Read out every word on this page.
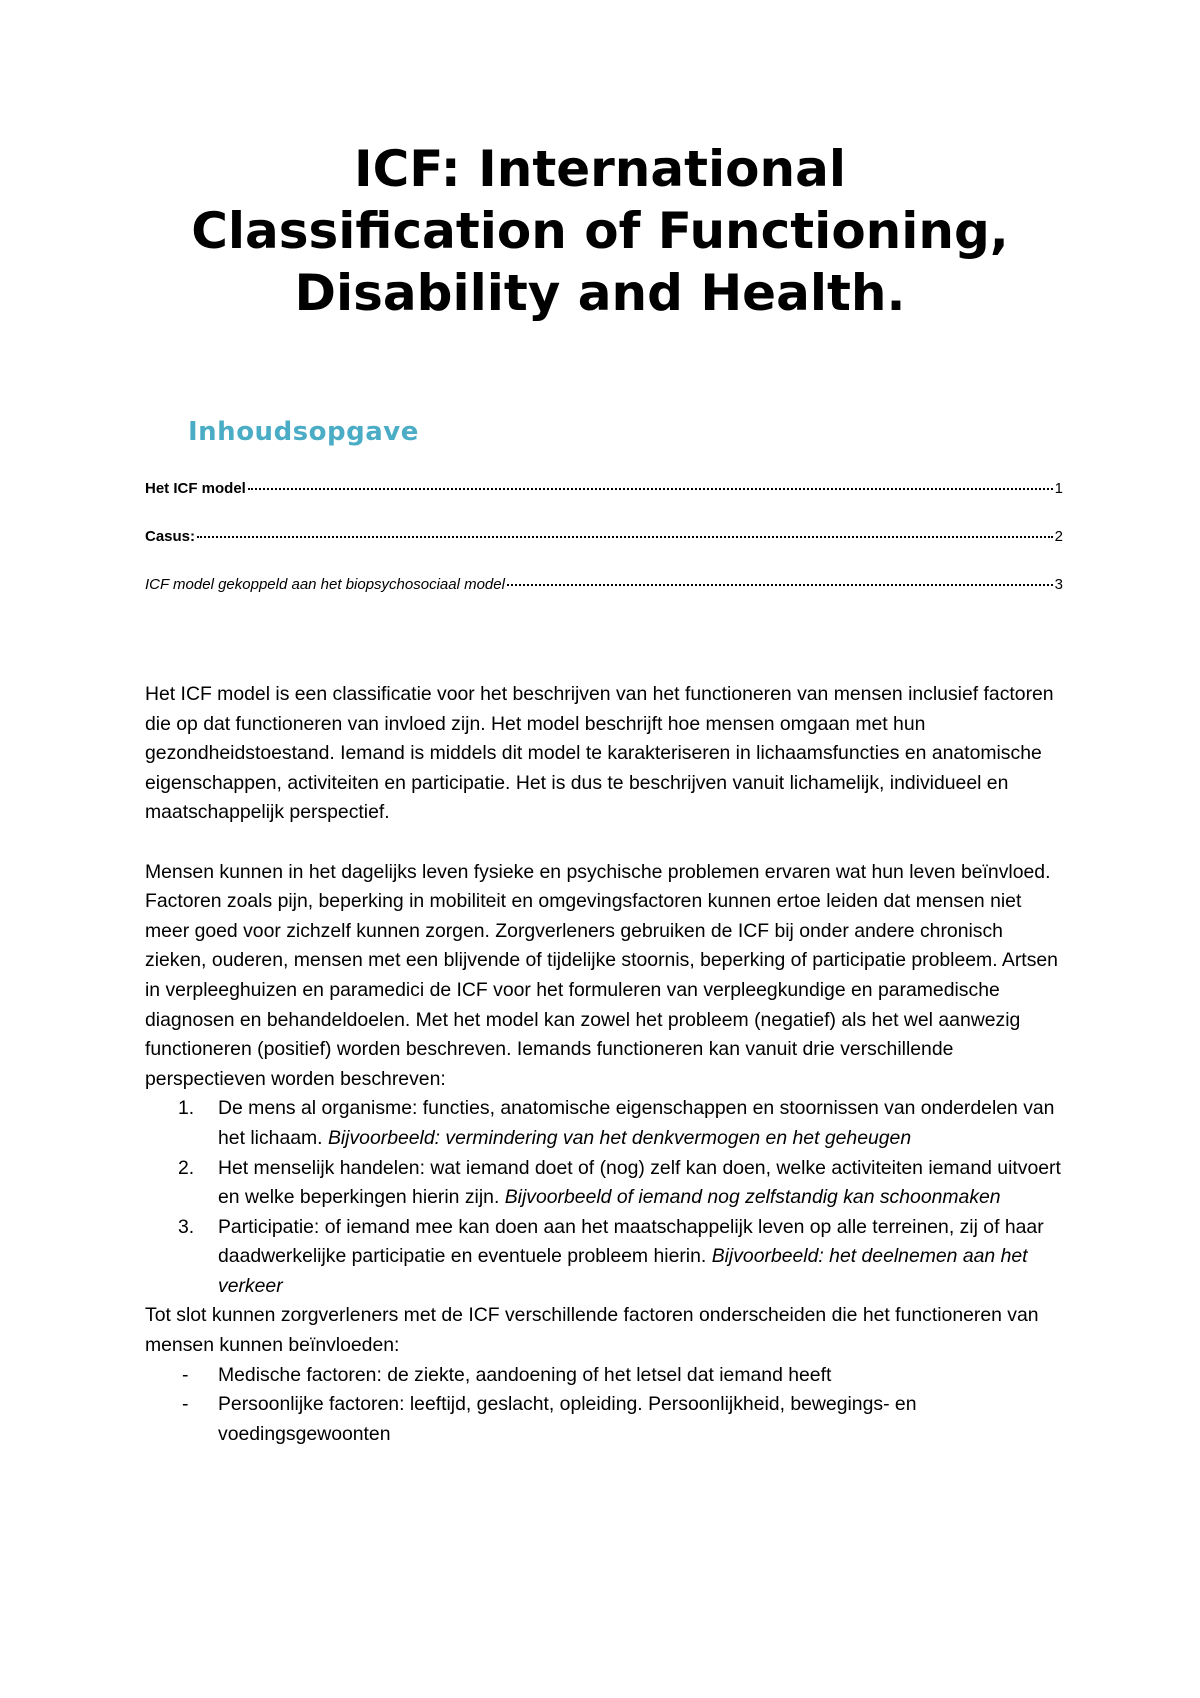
ICF: International
Classification of Functioning,
Disability and Health.
Inhoudsopgave
Het ICF model	1
Casus:	2
ICF model gekoppeld aan het biopsychosociaal model	3

Het ICF model is een classificatie voor het beschrijven van het functioneren van mensen inclusief factoren die op dat functioneren van invloed zijn. Het model beschrijft hoe mensen omgaan met hun gezondheidstoestand. Iemand is middels dit model te karakteriseren in lichaamsfuncties en anatomische eigenschappen, activiteiten en participatie. Het is dus te beschrijven vanuit lichamelijk, individueel en maatschappelijk perspectief.

Mensen kunnen in het dagelijks leven fysieke en psychische problemen ervaren wat hun leven beïnvloed. Factoren zoals pijn, beperking in mobiliteit en omgevingsfactoren kunnen ertoe leiden dat mensen niet meer goed voor zichzelf kunnen zorgen. Zorgverleners gebruiken de ICF bij onder andere chronisch zieken, ouderen, mensen met een blijvende of tijdelijke stoornis, beperking of participatie probleem. Artsen in verpleeghuizen en paramedici de ICF voor het formuleren van verpleegkundige en paramedische diagnosen en behandeldoelen. Met het model kan zowel het probleem (negatief) als het wel aanwezig functioneren (positief) worden beschreven. Iemands functioneren kan vanuit drie verschillende perspectieven worden beschreven:

1. De mens al organisme: functies, anatomische eigenschappen en stoornissen van onderdelen van het lichaam. Bijvoorbeeld: vermindering van het denkvermogen en het geheugen
2. Het menselijk handelen: wat iemand doet of (nog) zelf kan doen, welke activiteiten iemand uitvoert en welke beperkingen hierin zijn. Bijvoorbeeld of iemand nog zelfstandig kan schoonmaken
3. Participatie: of iemand mee kan doen aan het maatschappelijk leven op alle terreinen, zij of haar daadwerkelijke participatie en eventuele probleem hierin. Bijvoorbeeld: het deelnemen aan het verkeer

Tot slot kunnen zorgverleners met de ICF verschillende factoren onderscheiden die het functioneren van mensen kunnen beïnvloeden:

- Medische factoren: de ziekte, aandoening of het letsel dat iemand heeft
- Persoonlijke factoren: leeftijd, geslacht, opleiding. Persoonlijkheid, bewegings- en voedingsgewoonten
